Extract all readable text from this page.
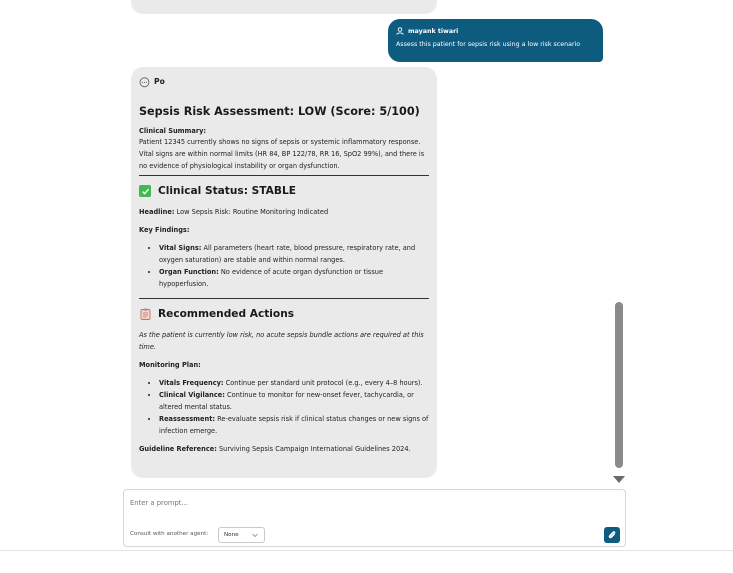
mayank tiwari
Assess this patient for sepsis risk using a low risk scenario
Po
Sepsis Risk Assessment: LOW (Score: 5/100)
Clinical Summary:
Patient 12345 currently shows no signs of sepsis or systemic inflammatory response. Vital signs are within normal limits (HR 84, BP 122/78, RR 16, SpO2 99%), and there is no evidence of physiological instability or organ dysfunction.
Clinical Status: STABLE
Headline: Low Sepsis Risk: Routine Monitoring Indicated
Key Findings:
• Vital Signs: All parameters (heart rate, blood pressure, respiratory rate, and oxygen saturation) are stable and within normal ranges.
• Organ Function: No evidence of acute organ dysfunction or tissue hypoperfusion.
Recommended Actions
As the patient is currently low risk, no acute sepsis bundle actions are required at this time.
Monitoring Plan:
• Vitals Frequency: Continue per standard unit protocol (e.g., every 4–8 hours).
• Clinical Vigilance: Continue to monitor for new-onset fever, tachycardia, or altered mental status.
• Reassessment: Re-evaluate sepsis risk if clinical status changes or new signs of infection emerge.
Guideline Reference: Surviving Sepsis Campaign International Guidelines 2024.
Enter a prompt...
Consult with another agent:	None
